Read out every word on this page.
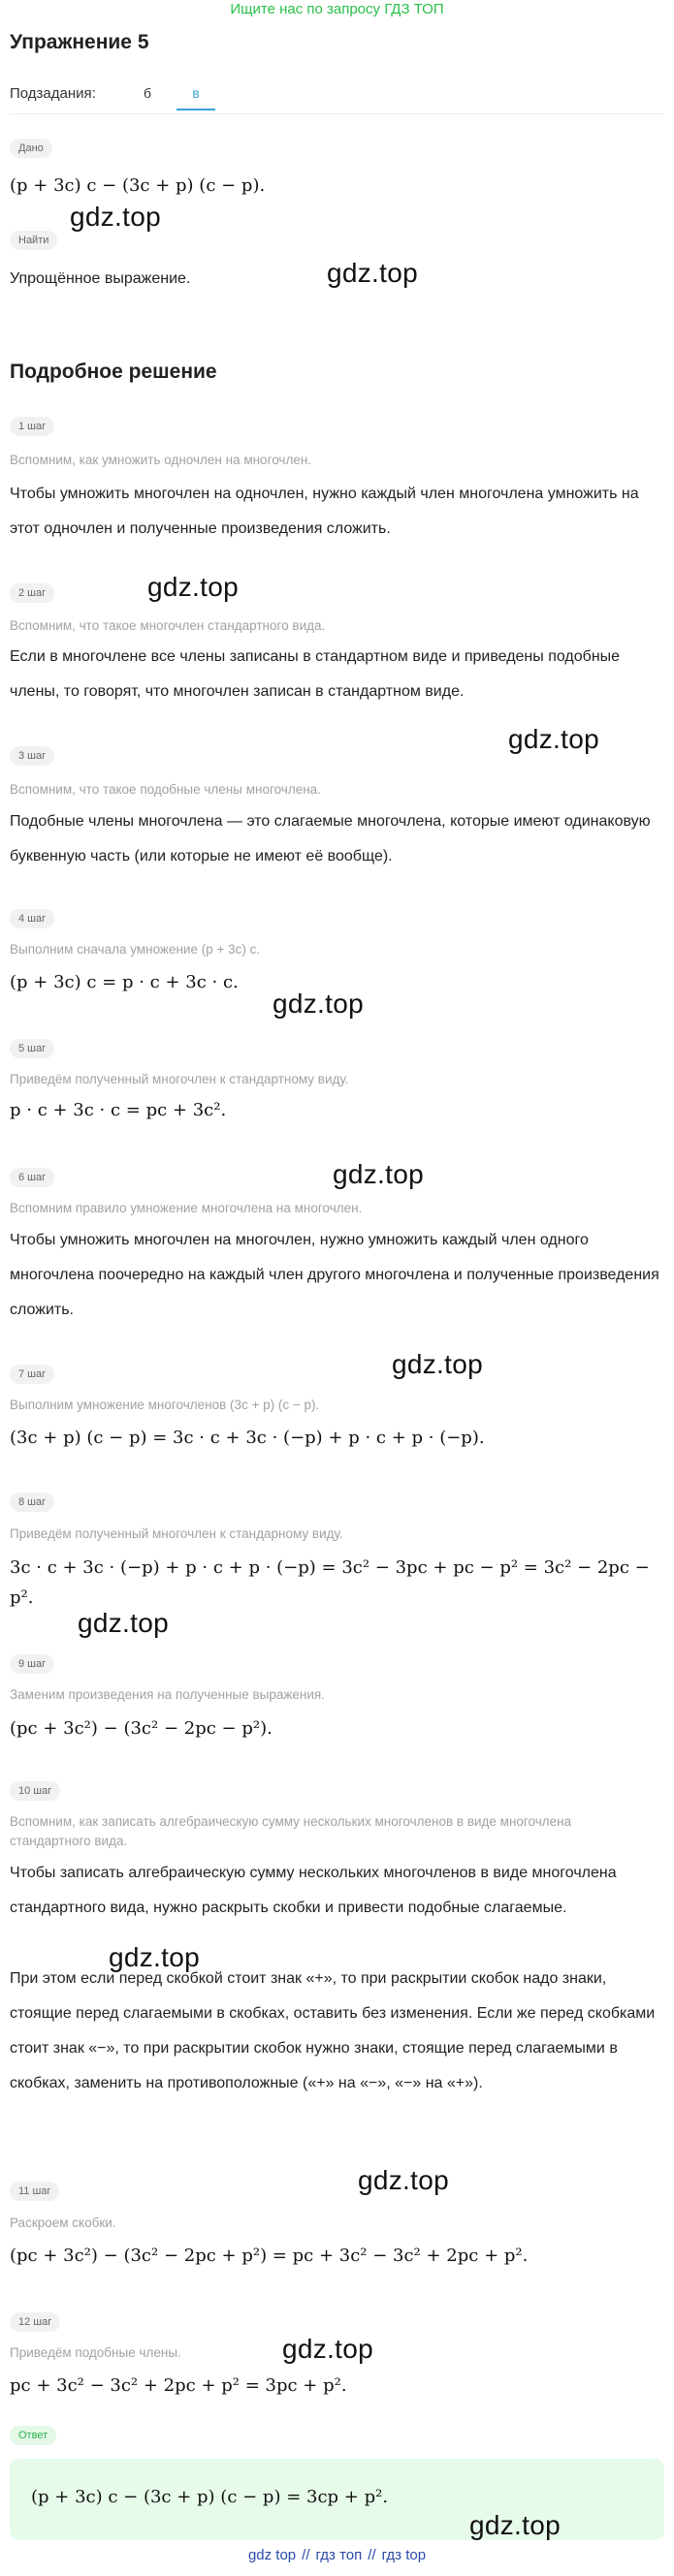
Ищите нас по запросу ГДЗ ТОП
Упражнение 5
Подзадания:	б	в
Дано
(p + 3c) c − (3c + p) (c − p).
Найти
Упрощённое выражение.
Подробное решение
1 шаг
Вспомним, как умножить одночлен на многочлен.
Чтобы умножить многочлен на одночлен, нужно каждый член многочлена умножить на этот одночлен и полученные произведения сложить.
2 шаг
Вспомним, что такое многочлен стандартного вида.
Если в многочлене все члены записаны в стандартном виде и приведены подобные члены, то говорят, что многочлен записан в стандартном виде.
3 шаг
Вспомним, что такое подобные члены многочлена.
Подобные члены многочлена — это слагаемые многочлена, которые имеют одинаковую буквенную часть (или которые не имеют её вообще).
4 шаг
Выполним сначала умножение (p + 3c) c.
(p + 3c) c = p · c + 3c · c.
5 шаг
Приведём полученный многочлен к стандартному виду.
p · c + 3c · c = pc + 3c².
6 шаг
Вспомним правило умножение многочлена на многочлен.
Чтобы умножить многочлен на многочлен, нужно умножить каждый член одного многочлена поочередно на каждый член другого многочлена и полученные произведения сложить.
7 шаг
Выполним умножение многочленов (3c + p) (c − p).
(3c + p) (c − p) = 3c · c + 3c · (−p) + p · c + p · (−p).
8 шаг
Приведём полученный многочлен к стандарному виду.
3c · c + 3c · (−p) + p · c + p · (−p) = 3c² − 3pc + pc − p² = 3c² − 2pc −
p².
9 шаг
Заменим произведения на полученные выражения.
(pc + 3c²) − (3c² − 2pc − p²).
10 шаг
Вспомним, как записать алгебраическую сумму нескольких многочленов в виде многочлена стандартного вида.
Чтобы записать алгебраическую сумму нескольких многочленов в виде многочлена стандартного вида, нужно раскрыть скобки и привести подобные слагаемые.
При этом если перед скобкой стоит знак «+», то при раскрытии скобок надо знаки, стоящие перед слагаемыми в скобках, оставить без изменения. Если же перед скобками стоит знак «−», то при раскрытии скобок нужно знаки, стоящие перед слагаемыми в скобках, заменить на противоположные («+» на «−», «−» на «+»).
11 шаг
Раскроем скобки.
(pc + 3c²) − (3c² − 2pc + p²) = pc + 3c² − 3c² + 2pc + p².
12 шаг
Приведём подобные члены.
pc + 3c² − 3c² + 2pc + p² = 3pc + p².
Ответ
(p + 3c) c − (3c + p) (c − p) = 3cp + p².
gdz.top
gdz.top
gdz.top
gdz.top
gdz.top
gdz.top
gdz.top
gdz.top
gdz.top
gdz.top
gdz.top
gdz.top
gdz top // гдз топ // гдз top
